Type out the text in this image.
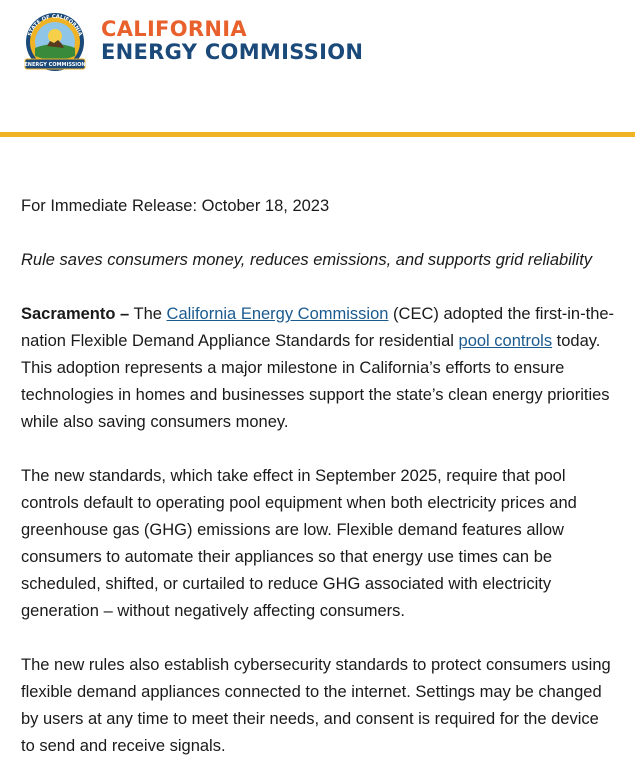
STATE OF CALIFORNIA
ENERGY COMMISSION
CALIFORNIA
ENERGY COMMISSION

For Immediate Release: October 18, 2023

Rule saves consumers money, reduces emissions, and supports grid reliability

Sacramento – The California Energy Commission (CEC) adopted the first-in-the-nation Flexible Demand Appliance Standards for residential pool controls today. This adoption represents a major milestone in California’s efforts to ensure technologies in homes and businesses support the state’s clean energy priorities while also saving consumers money.

The new standards, which take effect in September 2025, require that pool controls default to operating pool equipment when both electricity prices and greenhouse gas (GHG) emissions are low. Flexible demand features allow consumers to automate their appliances so that energy use times can be scheduled, shifted, or curtailed to reduce GHG associated with electricity generation – without negatively affecting consumers.

The new rules also establish cybersecurity standards to protect consumers using flexible demand appliances connected to the internet. Settings may be changed by users at any time to meet their needs, and consent is required for the device to send and receive signals.
